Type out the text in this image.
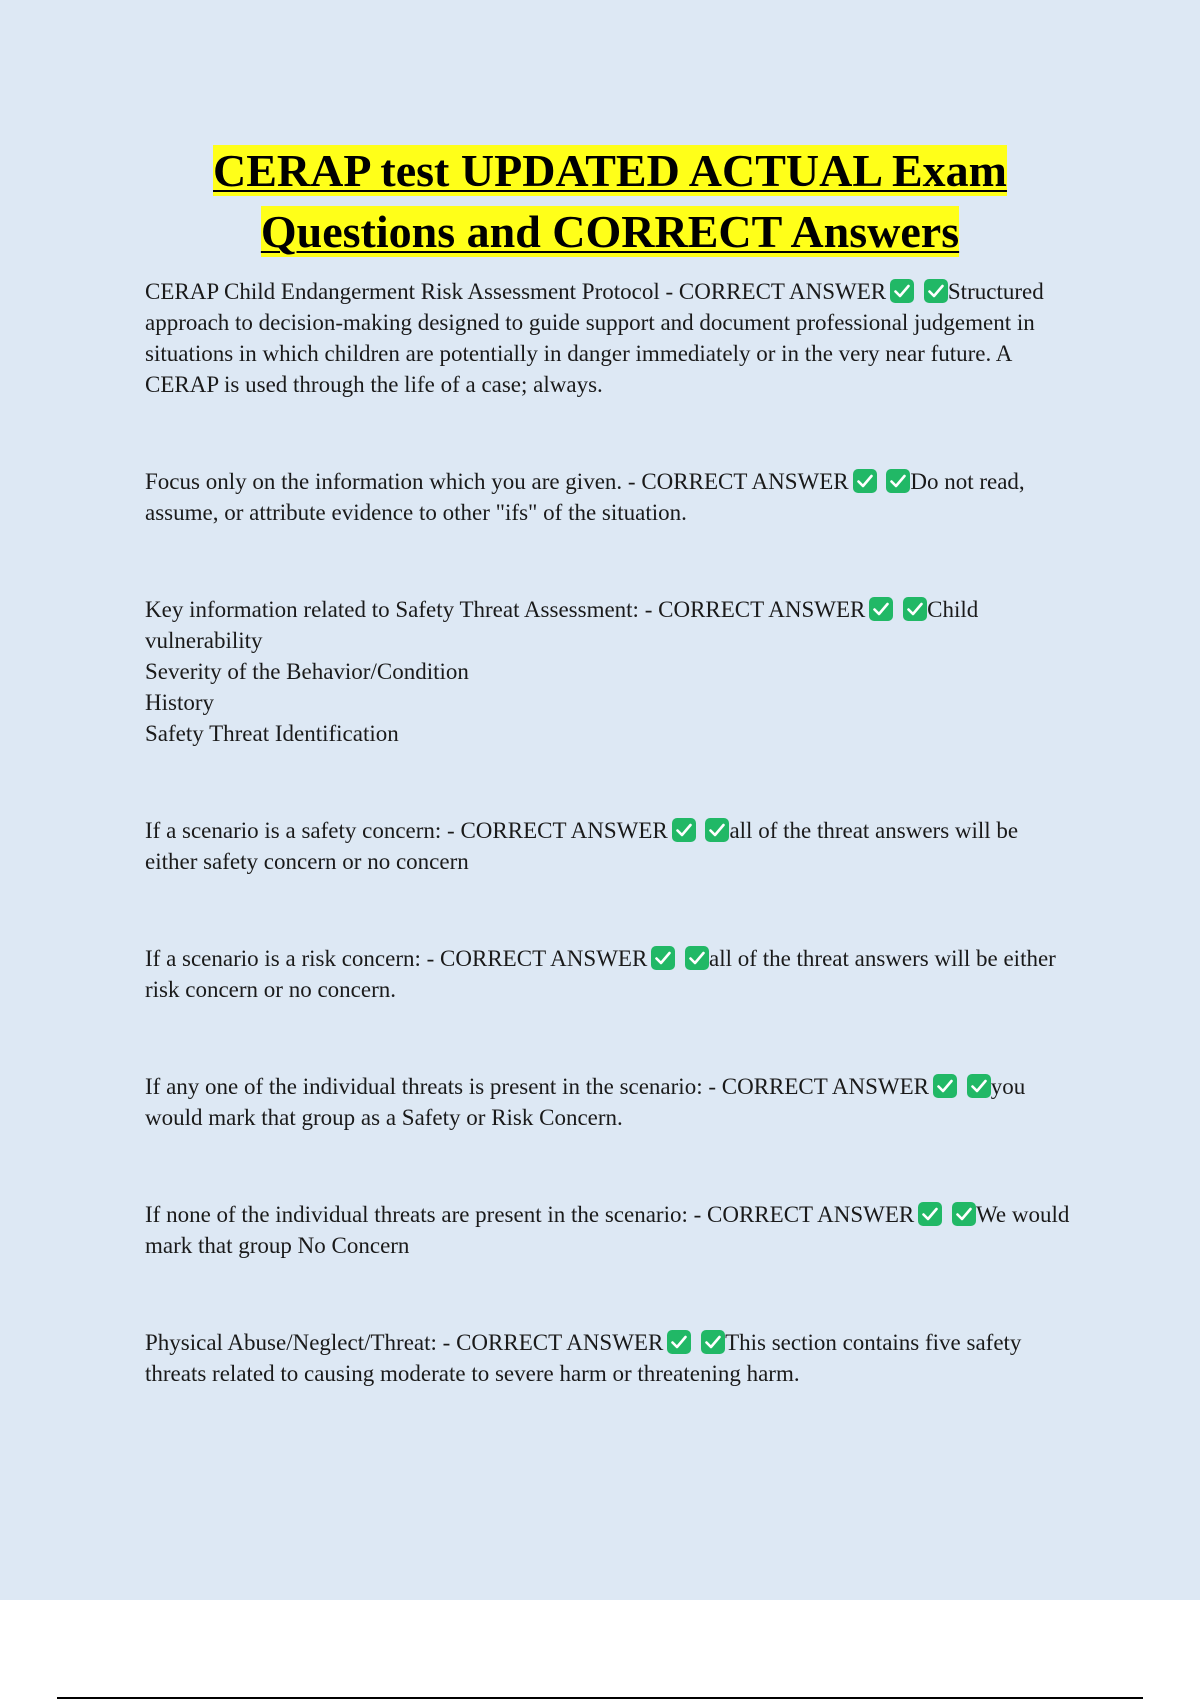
CERAP test UPDATED ACTUAL Exam Questions and CORRECT Answers

CERAP Child Endangerment Risk Assessment Protocol - CORRECT ANSWER
	Structured approach to decision-making designed to guide support and document professional judgement in situations in which children are potentially in danger immediately or in the very near future. A CERAP is used through the life of a case; always.

Focus only on the information which you are given. - CORRECT ANSWER
	Do not read, assume, or attribute evidence to other "ifs" of the situation.

Key information related to Safety Threat Assessment: - CORRECT ANSWER
	Child vulnerability

Severity of the Behavior/Condition

History

Safety Threat Identification

If a scenario is a safety concern: - CORRECT ANSWER
	all of the threat answers will be either safety concern or no concern

If a scenario is a risk concern: - CORRECT ANSWER
	all of the threat answers will be either risk concern or no concern.

If any one of the individual threats is present in the scenario: - CORRECT ANSWER
	you would mark that group as a Safety or Risk Concern.

If none of the individual threats are present in the scenario: - CORRECT ANSWER
	We would mark that group No Concern

Physical Abuse/Neglect/Threat: - CORRECT ANSWER
	This section contains five safety threats related to causing moderate to severe harm or threatening harm.
